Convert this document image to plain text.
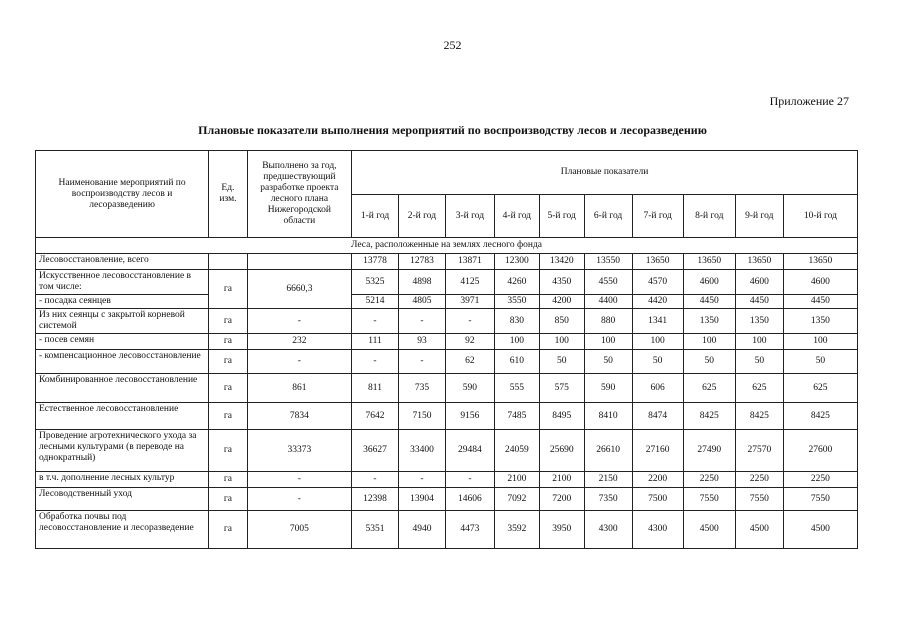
252
Приложение 27
Плановые показатели выполнения мероприятий по воспроизводству лесов и лесоразведению
Наименование мероприятий по воспроизводству лесов и лесоразведению	Ед. изм.	Выполнено за год, предшествующий разработке проекта лесного плана Нижегородской области	Плановые показатели									
			1-й год	2-й год	3-й год	4-й год	5-й год	6-й год	7-й год	8-й год	9-й год	10-й год
Леса, расположенные на землях лесного фонда												
Лесовосстановление, всего			13778	12783	13871	12300	13420	13550	13650	13650	13650	13650
Искусственное лесовосстановление в том числе:	га	6660,3	5325	4898	4125	4260	4350	4550	4570	4600	4600	4600
- посадка сеянцев			5214	4805	3971	3550	4200	4400	4420	4450	4450	4450
Из них сеянцы с закрытой корневой системой	га	-	-	-	-	830	850	880	1341	1350	1350	1350
- посев семян	га	232	111	93	92	100	100	100	100	100	100	100
- компенсационное лесовосстановление	га	-	-	-	62	610	50	50	50	50	50	50
Комбинированное лесовосстановление	га	861	811	735	590	555	575	590	606	625	625	625
Естественное лесовосстановление	га	7834	7642	7150	9156	7485	8495	8410	8474	8425	8425	8425
Проведение агротехнического ухода за лесными культурами (в переводе на однократный)	га	33373	36627	33400	29484	24059	25690	26610	27160	27490	27570	27600
в т.ч. дополнение лесных культур	га	-	-	-	-	2100	2100	2150	2200	2250	2250	2250
Лесоводственный уход	га	-	12398	13904	14606	7092	7200	7350	7500	7550	7550	7550
Обработка почвы под лесовосстановление и лесоразведение	га	7005	5351	4940	4473	3592	3950	4300	4300	4500	4500	4500
